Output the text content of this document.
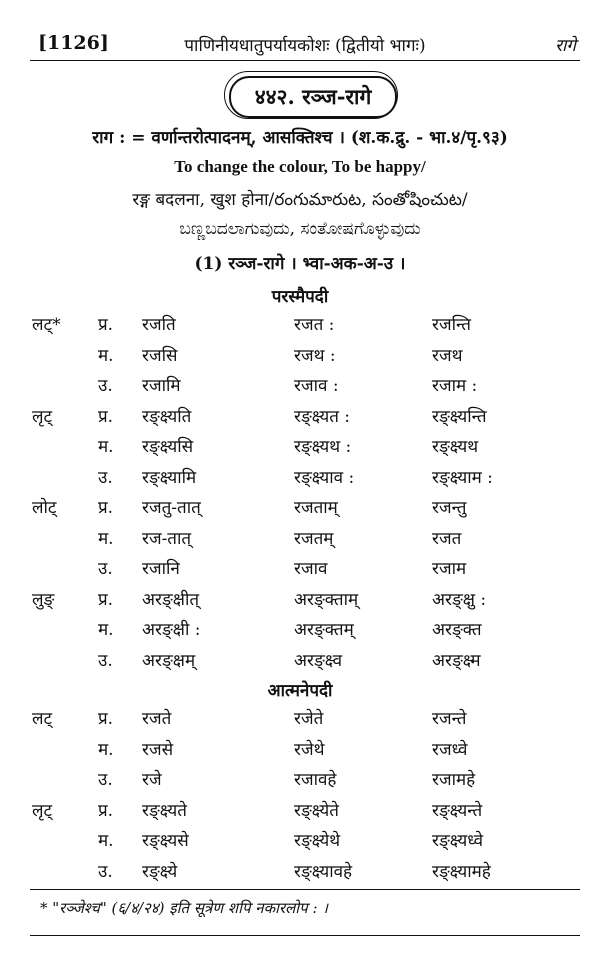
[1126]	पाणिनीयधातुपर्यायकोशः (द्वितीयो भागः)	रागे
४४२. रञ्ज-रागे
राग : = वर्णान्तरोत्पादनम्, आसक्तिश्च । (श.क.द्रु. - भा.४/पृ.९३)
To change the colour, To be happy/
रङ्ग बदलना, खुश होना/రంగుమారుట, సంతోషించుట/
ಬಣ್ಣಬದಲಾಗುವುದು, ಸಂತೋಷಗೊಳ್ಳುವುದು
(1) रञ्ज-रागे । भ्वा-अक-अ-उ ।
परस्मैपदी
लट्* प्र. रजति	रजत :	रजन्ति
म. रजसि	रजथ :	रजथ
उ. रजामि	रजाव :	रजाम :
लृट्	प्र. रङ्क्ष्यति	रङ्क्ष्यत :	रङ्क्ष्यन्ति
म. रङ्क्ष्यसि	रङ्क्ष्यथ :	रङ्क्ष्यथ
उ. रङ्क्ष्यामि	रङ्क्ष्याव :	रङ्क्ष्याम :
लोट् प्र. रजतु-तात्	रजताम्	रजन्तु
म. रज-तात्	रजतम्	रजत
उ. रजानि	रजाव	रजाम
लुङ्	प्र. अरङ्क्षीत्	अरङ्क्ताम्	अरङ्क्षु :
म. अरङ्क्षी :	अरङ्क्तम्	अरङ्क्त
उ. अरङ्क्षम्	अरङ्क्ष्व	अरङ्क्ष्म
आत्मनेपदी
लट्	प्र. रजते	रजेते	रजन्ते
म. रजसे	रजेथे	रजध्वे
उ. रजे	रजावहे	रजामहे
लृट्	प्र. रङ्क्ष्यते	रङ्क्ष्येते	रङ्क्ष्यन्ते
म. रङ्क्ष्यसे	रङ्क्ष्येथे	रङ्क्ष्यध्वे
उ. रङ्क्ष्ये	रङ्क्ष्यावहे	रङ्क्ष्यामहे
* "रञ्जेश्च" (६/४/२४) इति सूत्रेण शपि नकारलोप : ।
